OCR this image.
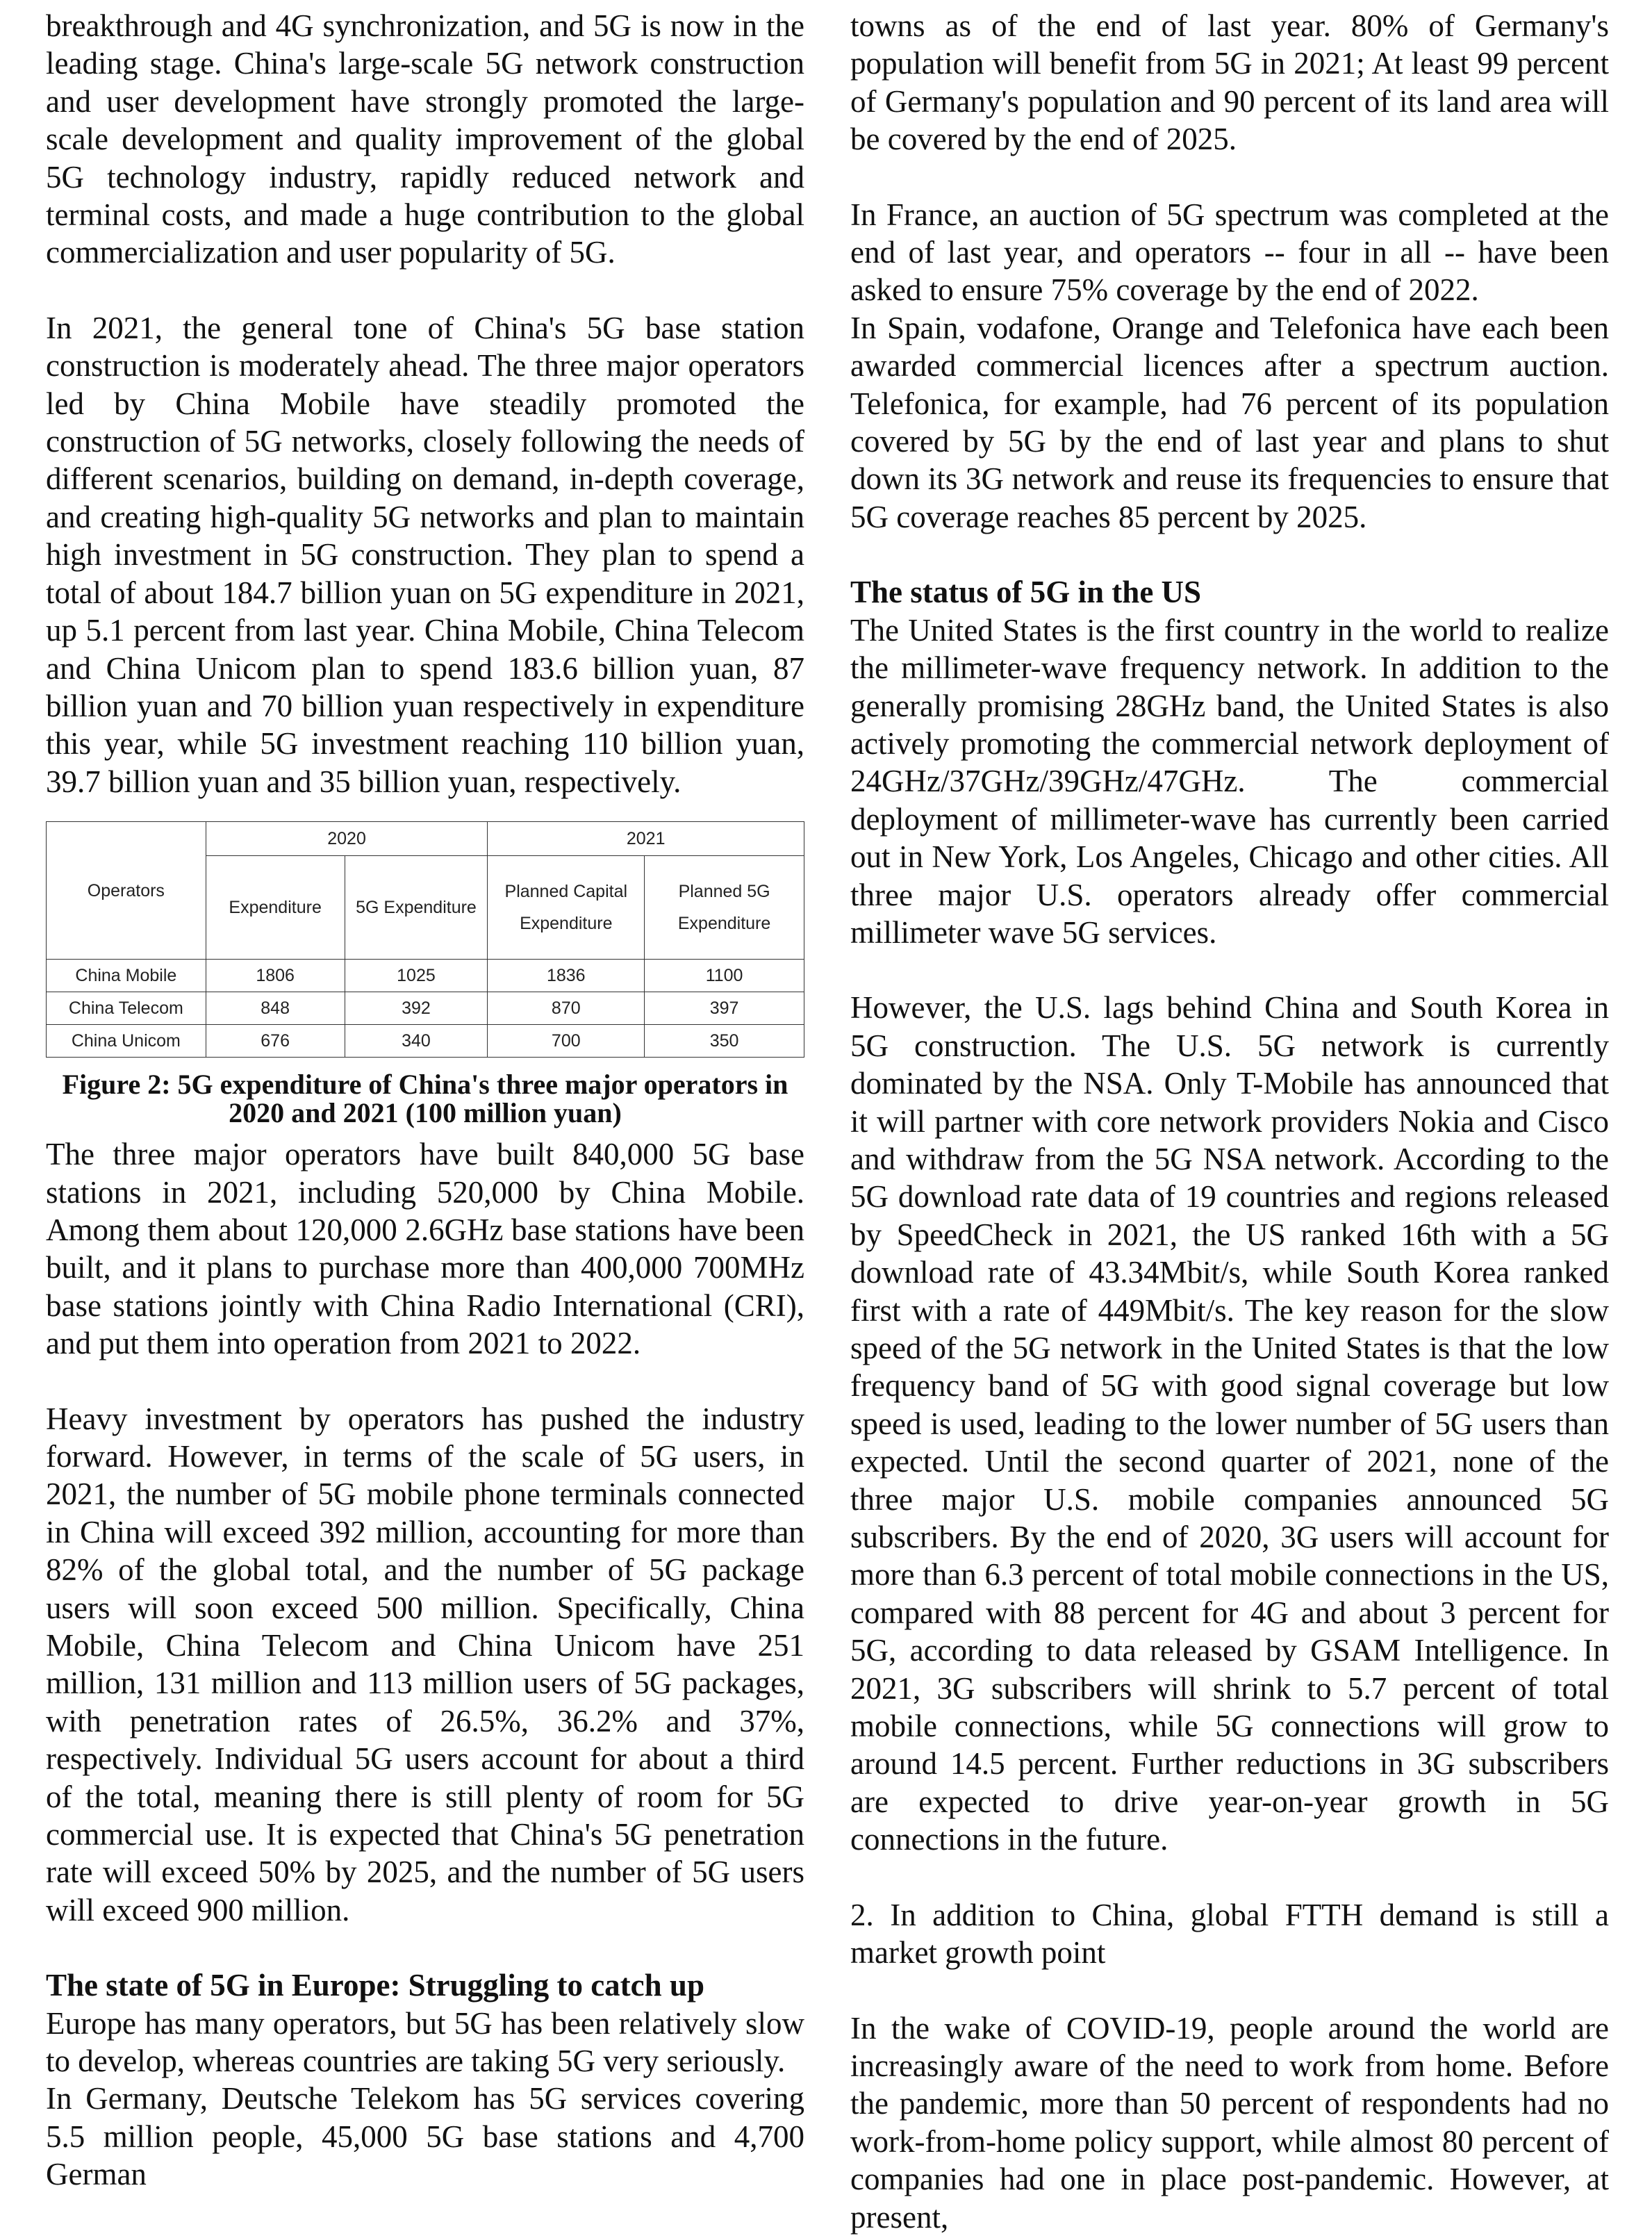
breakthrough and 4G synchronization, and 5G is now in the leading stage. China's large-scale 5G network construction and user development have strongly promoted the large-scale development and quality improvement of the global 5G technology industry, rapidly reduced network and terminal costs, and made a huge contribution to the global commercialization and user popularity of 5G.

In 2021, the general tone of China's 5G base station construction is moderately ahead. The three major operators led by China Mobile have steadily promoted the construction of 5G networks, closely following the needs of different scenarios, building on demand, in-depth coverage, and creating high-quality 5G networks and plan to maintain high investment in 5G construction. They plan to spend a total of about 184.7 billion yuan on 5G expenditure in 2021, up 5.1 percent from last year. China Mobile, China Telecom and China Unicom plan to spend 183.6 billion yuan, 87 billion yuan and 70 billion yuan respectively in expenditure this year, while 5G investment reaching 110 billion yuan, 39.7 billion yuan and 35 billion yuan, respectively.

Operators	2020		2021	
	Expenditure	5G Expenditure	Planned Capital Expenditure	Planned 5G Expenditure
China Mobile	1806	1025	1836	1100
China Telecom	848	392	870	397
China Unicom	676	340	700	350

Figure 2: 5G expenditure of China's three major operators in 2020 and 2021 (100 million yuan)

The three major operators have built 840,000 5G base stations in 2021, including 520,000 by China Mobile. Among them about 120,000 2.6GHz base stations have been built, and it plans to purchase more than 400,000 700MHz base stations jointly with China Radio International (CRI), and put them into operation from 2021 to 2022.

Heavy investment by operators has pushed the industry forward. However, in terms of the scale of 5G users, in 2021, the number of 5G mobile phone terminals connected in China will exceed 392 million, accounting for more than 82% of the global total, and the number of 5G package users will soon exceed 500 million. Specifically, China Mobile, China Telecom and China Unicom have 251 million, 131 million and 113 million users of 5G packages, with penetration rates of 26.5%, 36.2% and 37%, respectively. Individual 5G users account for about a third of the total, meaning there is still plenty of room for 5G commercial use. It is expected that China's 5G penetration rate will exceed 50% by 2025, and the number of 5G users will exceed 900 million.

The state of 5G in Europe: Struggling to catch up

Europe has many operators, but 5G has been relatively slow to develop, whereas countries are taking 5G very seriously.

In Germany, Deutsche Telekom has 5G services covering 5.5 million people, 45,000 5G base stations and 4,700 German

towns as of the end of last year. 80% of Germany's population will benefit from 5G in 2021; At least 99 percent of Germany's population and 90 percent of its land area will be covered by the end of 2025.

In France, an auction of 5G spectrum was completed at the end of last year, and operators -- four in all -- have been asked to ensure 75% coverage by the end of 2022.

In Spain, vodafone, Orange and Telefonica have each been awarded commercial licences after a spectrum auction. Telefonica, for example, had 76 percent of its population covered by 5G by the end of last year and plans to shut down its 3G network and reuse its frequencies to ensure that 5G coverage reaches 85 percent by 2025.

The status of 5G in the US

The United States is the first country in the world to realize the millimeter-wave frequency network. In addition to the generally promising 28GHz band, the United States is also actively promoting the commercial network deployment of 24GHz/37GHz/39GHz/47GHz. The commercial deployment of millimeter-wave has currently been carried out in New York, Los Angeles, Chicago and other cities. All three major U.S. operators already offer commercial millimeter wave 5G services.

However, the U.S. lags behind China and South Korea in 5G construction. The U.S. 5G network is currently dominated by the NSA. Only T-Mobile has announced that it will partner with core network providers Nokia and Cisco and withdraw from the 5G NSA network. According to the 5G download rate data of 19 countries and regions released by SpeedCheck in 2021, the US ranked 16th with a 5G download rate of 43.34Mbit/s, while South Korea ranked first with a rate of 449Mbit/s. The key reason for the slow speed of the 5G network in the United States is that the low frequency band of 5G with good signal coverage but low speed is used, leading to the lower number of 5G users than expected. Until the second quarter of 2021, none of the three major U.S. mobile companies announced 5G subscribers. By the end of 2020, 3G users will account for more than 6.3 percent of total mobile connections in the US, compared with 88 percent for 4G and about 3 percent for 5G, according to data released by GSAM Intelligence. In 2021, 3G subscribers will shrink to 5.7 percent of total mobile connections, while 5G connections will grow to around 14.5 percent. Further reductions in 3G subscribers are expected to drive year-on-year growth in 5G connections in the future.

2. In addition to China, global FTTH demand is still a market growth point

In the wake of COVID-19, people around the world are increasingly aware of the need to work from home. Before the pandemic, more than 50 percent of respondents had no work-from-home policy support, while almost 80 percent of companies had one in place post-pandemic. However, at present,
